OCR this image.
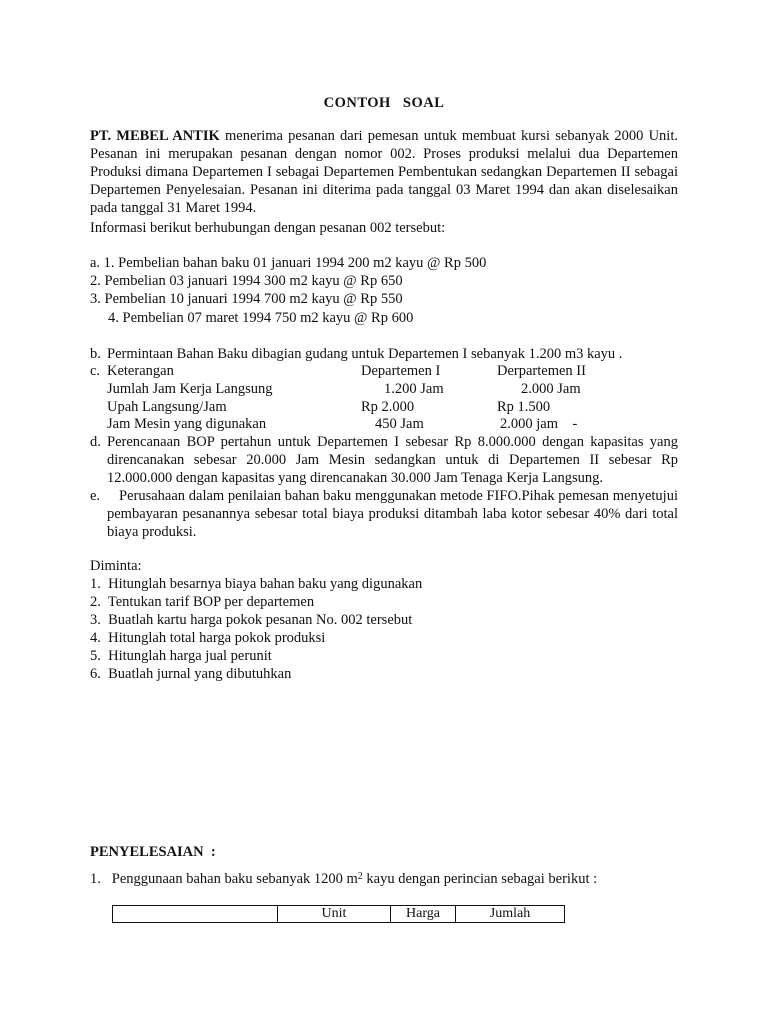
CONTOH SOAL
PT. MEBEL ANTIK menerima pesanan dari pemesan untuk membuat kursi sebanyak 2000 Unit. Pesanan ini merupakan pesanan dengan nomor 002. Proses produksi melalui dua Departemen Produksi dimana Departemen I sebagai Departemen Pembentukan sedangkan Departemen II sebagai Departemen Penyelesaian. Pesanan ini diterima pada tanggal 03 Maret 1994 dan akan diselesaikan pada tanggal 31 Maret 1994.
Informasi berikut berhubungan dengan pesanan 002 tersebut:
a. 1. Pembelian bahan baku 01 januari 1994 200 m2 kayu @ Rp 500
2. Pembelian 03 januari 1994 300 m2 kayu @ Rp 650
3. Pembelian 10 januari 1994 700 m2 kayu @ Rp 550
4. Pembelian 07 maret 1994 750 m2 kayu @ Rp 600
b. Permintaan Bahan Baku dibagian gudang untuk Departemen I sebanyak 1.200 m3 kayu .
c. Keterangan	Departemen I	Derpartemen II
Jumlah Jam Kerja Langsung	1.200 Jam	2.000 Jam
Upah Langsung/Jam	Rp 2.000	Rp 1.500
Jam Mesin yang digunakan	450 Jam	2.000 jam    -
d. Perencanaan BOP pertahun untuk Departemen I sebesar Rp 8.000.000 dengan kapasitas yang direncanakan sebesar 20.000 Jam Mesin sedangkan untuk di Departemen II sebesar Rp 12.000.000 dengan kapasitas yang direncanakan 30.000 Jam Tenaga Kerja Langsung.
e. Perusahaan dalam penilaian bahan baku menggunakan metode FIFO.Pihak pemesan menyetujui pembayaran pesanannya sebesar total biaya produksi ditambah laba kotor sebesar 40% dari total biaya produksi.
Diminta:
1.  Hitunglah besarnya biaya bahan baku yang digunakan
2.  Tentukan tarif BOP per departemen
3.  Buatlah kartu harga pokok pesanan No. 002 tersebut
4.  Hitunglah total harga pokok produksi
5.  Hitunglah harga jual perunit
6.  Buatlah jurnal yang dibutuhkan
PENYELESAIAN  :
1.   Penggunaan bahan baku sebanyak 1200 $m^2$ kayu dengan perincian sebagai berikut :
	Unit	Harga	Jumlah
